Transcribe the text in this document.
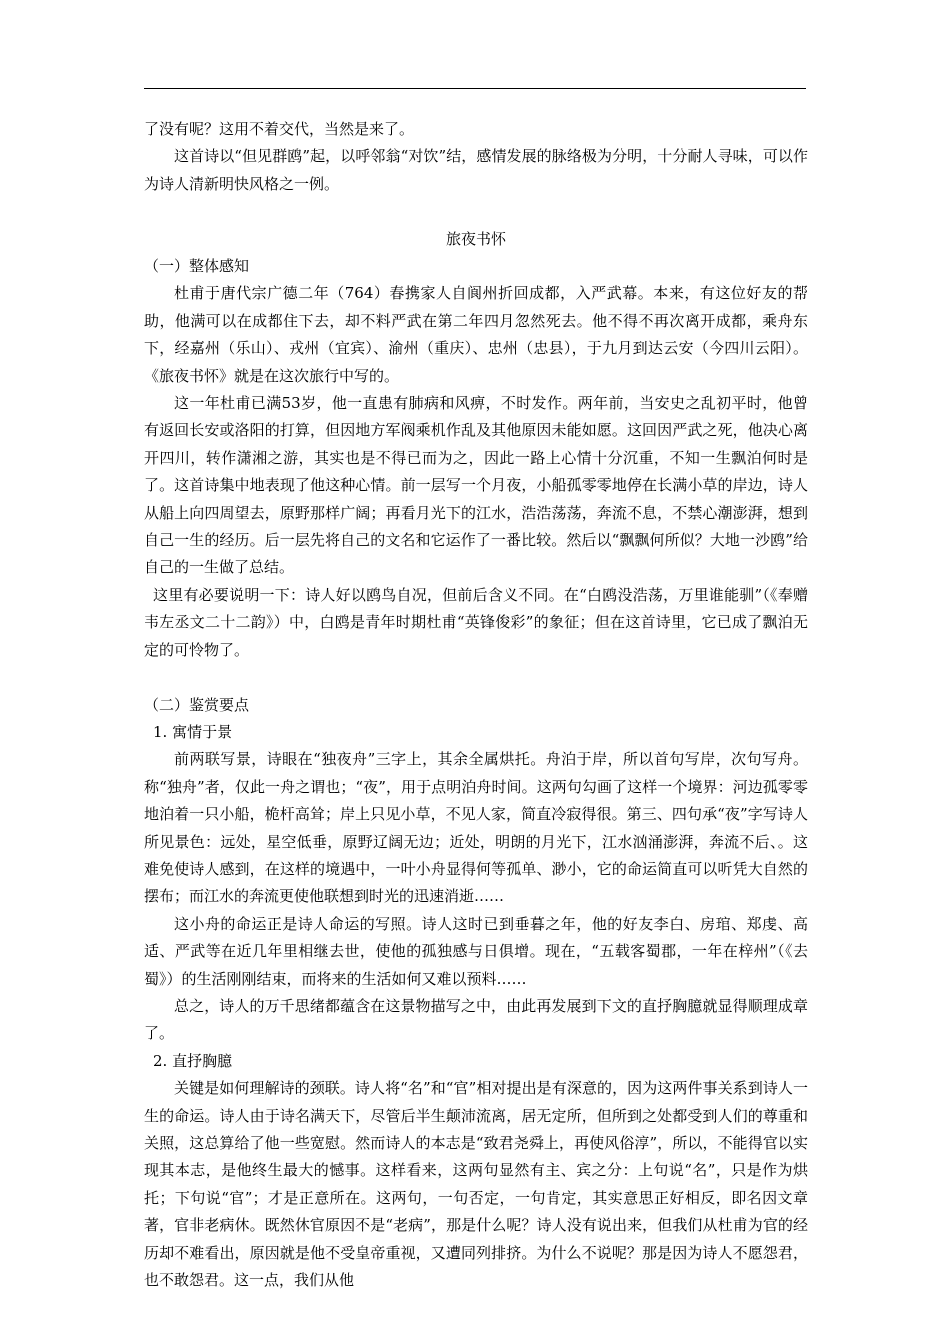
了没有呢？这用不着交代，当然是来了。

这首诗以“但见群鸥”起，以呼邻翁“对饮”结，感情发展的脉络极为分明，十分耐人寻味，可以作为诗人清新明快风格之一例。

旅夜书怀

（一）整体感知

杜甫于唐代宗广德二年（764）春携家人自阆州折回成都，入严武幕。本来，有这位好友的帮助，他满可以在成都住下去，却不料严武在第二年四月忽然死去。他不得不再次离开成都，乘舟东下，经嘉州（乐山）、戎州（宜宾）、渝州（重庆）、忠州（忠县），于九月到达云安（今四川云阳）。《旅夜书怀》就是在这次旅行中写的。

这一年杜甫已满53岁，他一直患有肺病和风痹，不时发作。两年前，当安史之乱初平时，他曾有返回长安或洛阳的打算，但因地方军阀乘机作乱及其他原因未能如愿。这回因严武之死，他决心离开四川，转作潇湘之游，其实也是不得已而为之，因此一路上心情十分沉重，不知一生飘泊何时是了。这首诗集中地表现了他这种心情。前一层写一个月夜，小船孤零零地停在长满小草的岸边，诗人从船上向四周望去，原野那样广阔；再看月光下的江水，浩浩荡荡，奔流不息，不禁心潮澎湃，想到自己一生的经历。后一层先将自己的文名和它运作了一番比较。然后以“飘飘何所似？大地一沙鸥”给自己的一生做了总结。

这里有必要说明一下：诗人好以鸥鸟自况，但前后含义不同。在“白鸥没浩荡，万里谁能驯”（《奉赠韦左丞文二十二韵》）中，白鸥是青年时期杜甫“英锋俊彩”的象征；但在这首诗里，它已成了飘泊无定的可怜物了。

（二）鉴赏要点

1. 寓情于景

前两联写景，诗眼在“独夜舟”三字上，其余全属烘托。舟泊于岸，所以首句写岸，次句写舟。称“独舟”者，仅此一舟之谓也；“夜”，用于点明泊舟时间。这两句勾画了这样一个境界：河边孤零零地泊着一只小船，桅杆高耸；岸上只见小草，不见人家，简直冷寂得很。第三、四句承“夜”字写诗人所见景色：远处，星空低垂，原野辽阔无边；近处，明朗的月光下，江水汹涌澎湃，奔流不后、。这难免使诗人感到，在这样的境遇中，一叶小舟显得何等孤单、渺小，它的命运简直可以听凭大自然的摆布；而江水的奔流更使他联想到时光的迅速消逝……

这小舟的命运正是诗人命运的写照。诗人这时已到垂暮之年，他的好友李白、房琯、郑虔、高适、严武等在近几年里相继去世，使他的孤独感与日俱增。现在，“五载客蜀郡，一年在梓州”（《去蜀》）的生活刚刚结束，而将来的生活如何又难以预料……

总之，诗人的万千思绪都蕴含在这景物描写之中，由此再发展到下文的直抒胸臆就显得顺理成章了。

2. 直抒胸臆

关键是如何理解诗的颈联。诗人将“名”和“官”相对提出是有深意的，因为这两件事关系到诗人一生的命运。诗人由于诗名满天下，尽管后半生颠沛流离，居无定所，但所到之处都受到人们的尊重和关照，这总算给了他一些宽慰。然而诗人的本志是“致君尧舜上，再使风俗淳”，所以，不能得官以实现其本志，是他终生最大的憾事。这样看来，这两句显然有主、宾之分：上句说“名”，只是作为烘托；下句说“官”；才是正意所在。这两句，一句否定，一句肯定，其实意思正好相反，即名因文章著，官非老病休。既然休官原因不是“老病”，那是什么呢？诗人没有说出来，但我们从杜甫为官的经历却不难看出，原因就是他不受皇帝重视，又遭同列排挤。为什么不说呢？那是因为诗人不愿怨君，也不敢怨君。这一点，我们从他
